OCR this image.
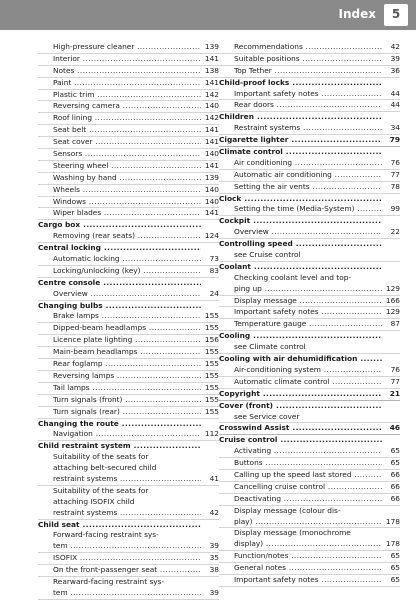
Index	5
High-pressure cleaner .....	139
Interior .....	141
Notes .....	138
Paint .....	141
Plastic trim .....	142
Reversing camera .....	140
Roof lining .....	142
Seat belt .....	141
Seat cover .....	141
Sensors .....	140
Steering wheel .....	141
Washing by hand .....	139
Wheels .....	140
Windows .....	140
Wiper blades .....	141
Cargo box .....
Removing (rear seats) .....	124
Central locking .....
Automatic locking .....	73
Locking/unlocking (key) .....	83
Centre console .....
Overview .....	24
Changing bulbs .....
Brake lamps .....	155
Dipped-beam headlamps .....	155
Licence plate lighting .....	156
Main-beam headlamps .....	155
Rear foglamp .....	155
Reversing lamps .....	155
Tail lamps .....	155
Turn signals (front) .....	155
Turn signals (rear) .....	155
Changing the route .....
Navigation .....	112
Child restraint system .....
Suitability of the seats for
attaching belt-secured child
restraint systems .....	41
Suitability of the seats for
attaching ISOFIX child
restraint systems .....	42
Child seat .....
Forward-facing restraint sys-
tem .....	39
ISOFIX .....	35
On the front-passenger seat .....	38
Rearward-facing restraint sys-
tem .....	39
Recommendations .....	42
Suitable positions .....	39
Top Tether .....	36
Child-proof locks .....
Important safety notes .....	44
Rear doors .....	44
Children .....
Restraint systems .....	34
Cigarette lighter .....	79
Climate control .....
Air conditioning .....	76
Automatic air conditioning .....	77
Setting the air vents .....	78
Clock .....
Setting the time (Media-System) .....	99
Cockpit .....
Overview .....	22
Controlling speed .....
see Cruise control
Coolant .....
Checking coolant level and top-
ping up .....	129
Display message .....	166
Important safety notes .....	129
Temperature gauge .....	87
Cooling .....
see Climate control
Cooling with air dehumidification .....
Air-conditioning system .....	76
Automatic climate control .....	77
Copyright .....	21
Cover (front) .....
see Service cover
Crosswind Assist .....	46
Cruise control .....
Activating .....	65
Buttons .....	65
Calling up the speed last stored .....	66
Cancelling cruise control .....	66
Deactivating .....	66
Display message (colour dis-
play) .....	178
Display message (monochrome
display) .....	178
Function/notes .....	65
General notes .....	65
Important safety notes .....	65
